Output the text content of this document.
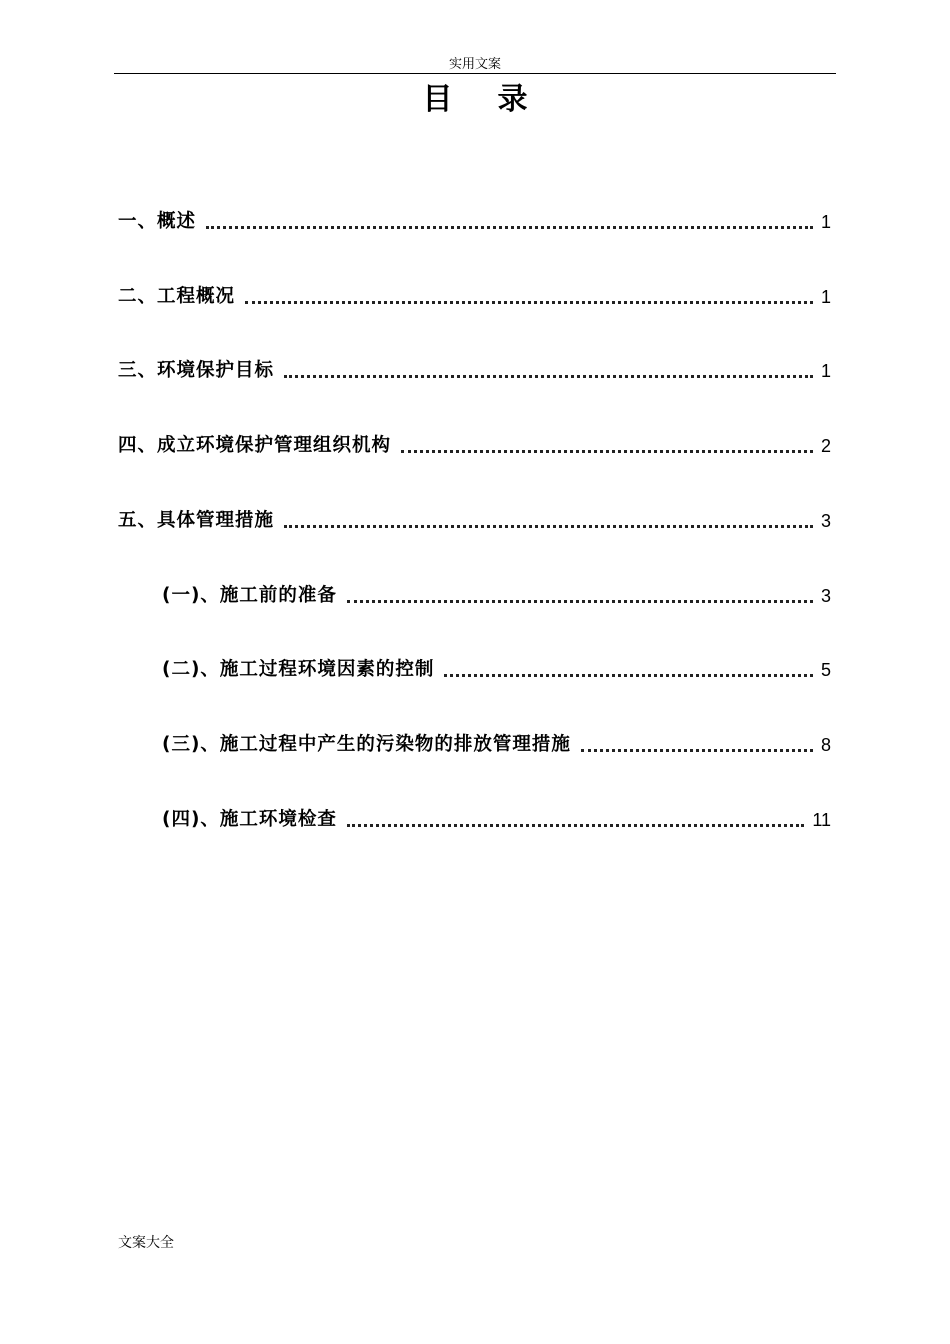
实用文案
目录
一、概述	1
二、工程概况	1
三、环境保护目标	1
四、成立环境保护管理组织机构	2
五、具体管理措施	3
(一)、施工前的准备	3
(二)、施工过程环境因素的控制	5
(三)、施工过程中产生的污染物的排放管理措施	8
(四)、施工环境检查	11
文案大全
